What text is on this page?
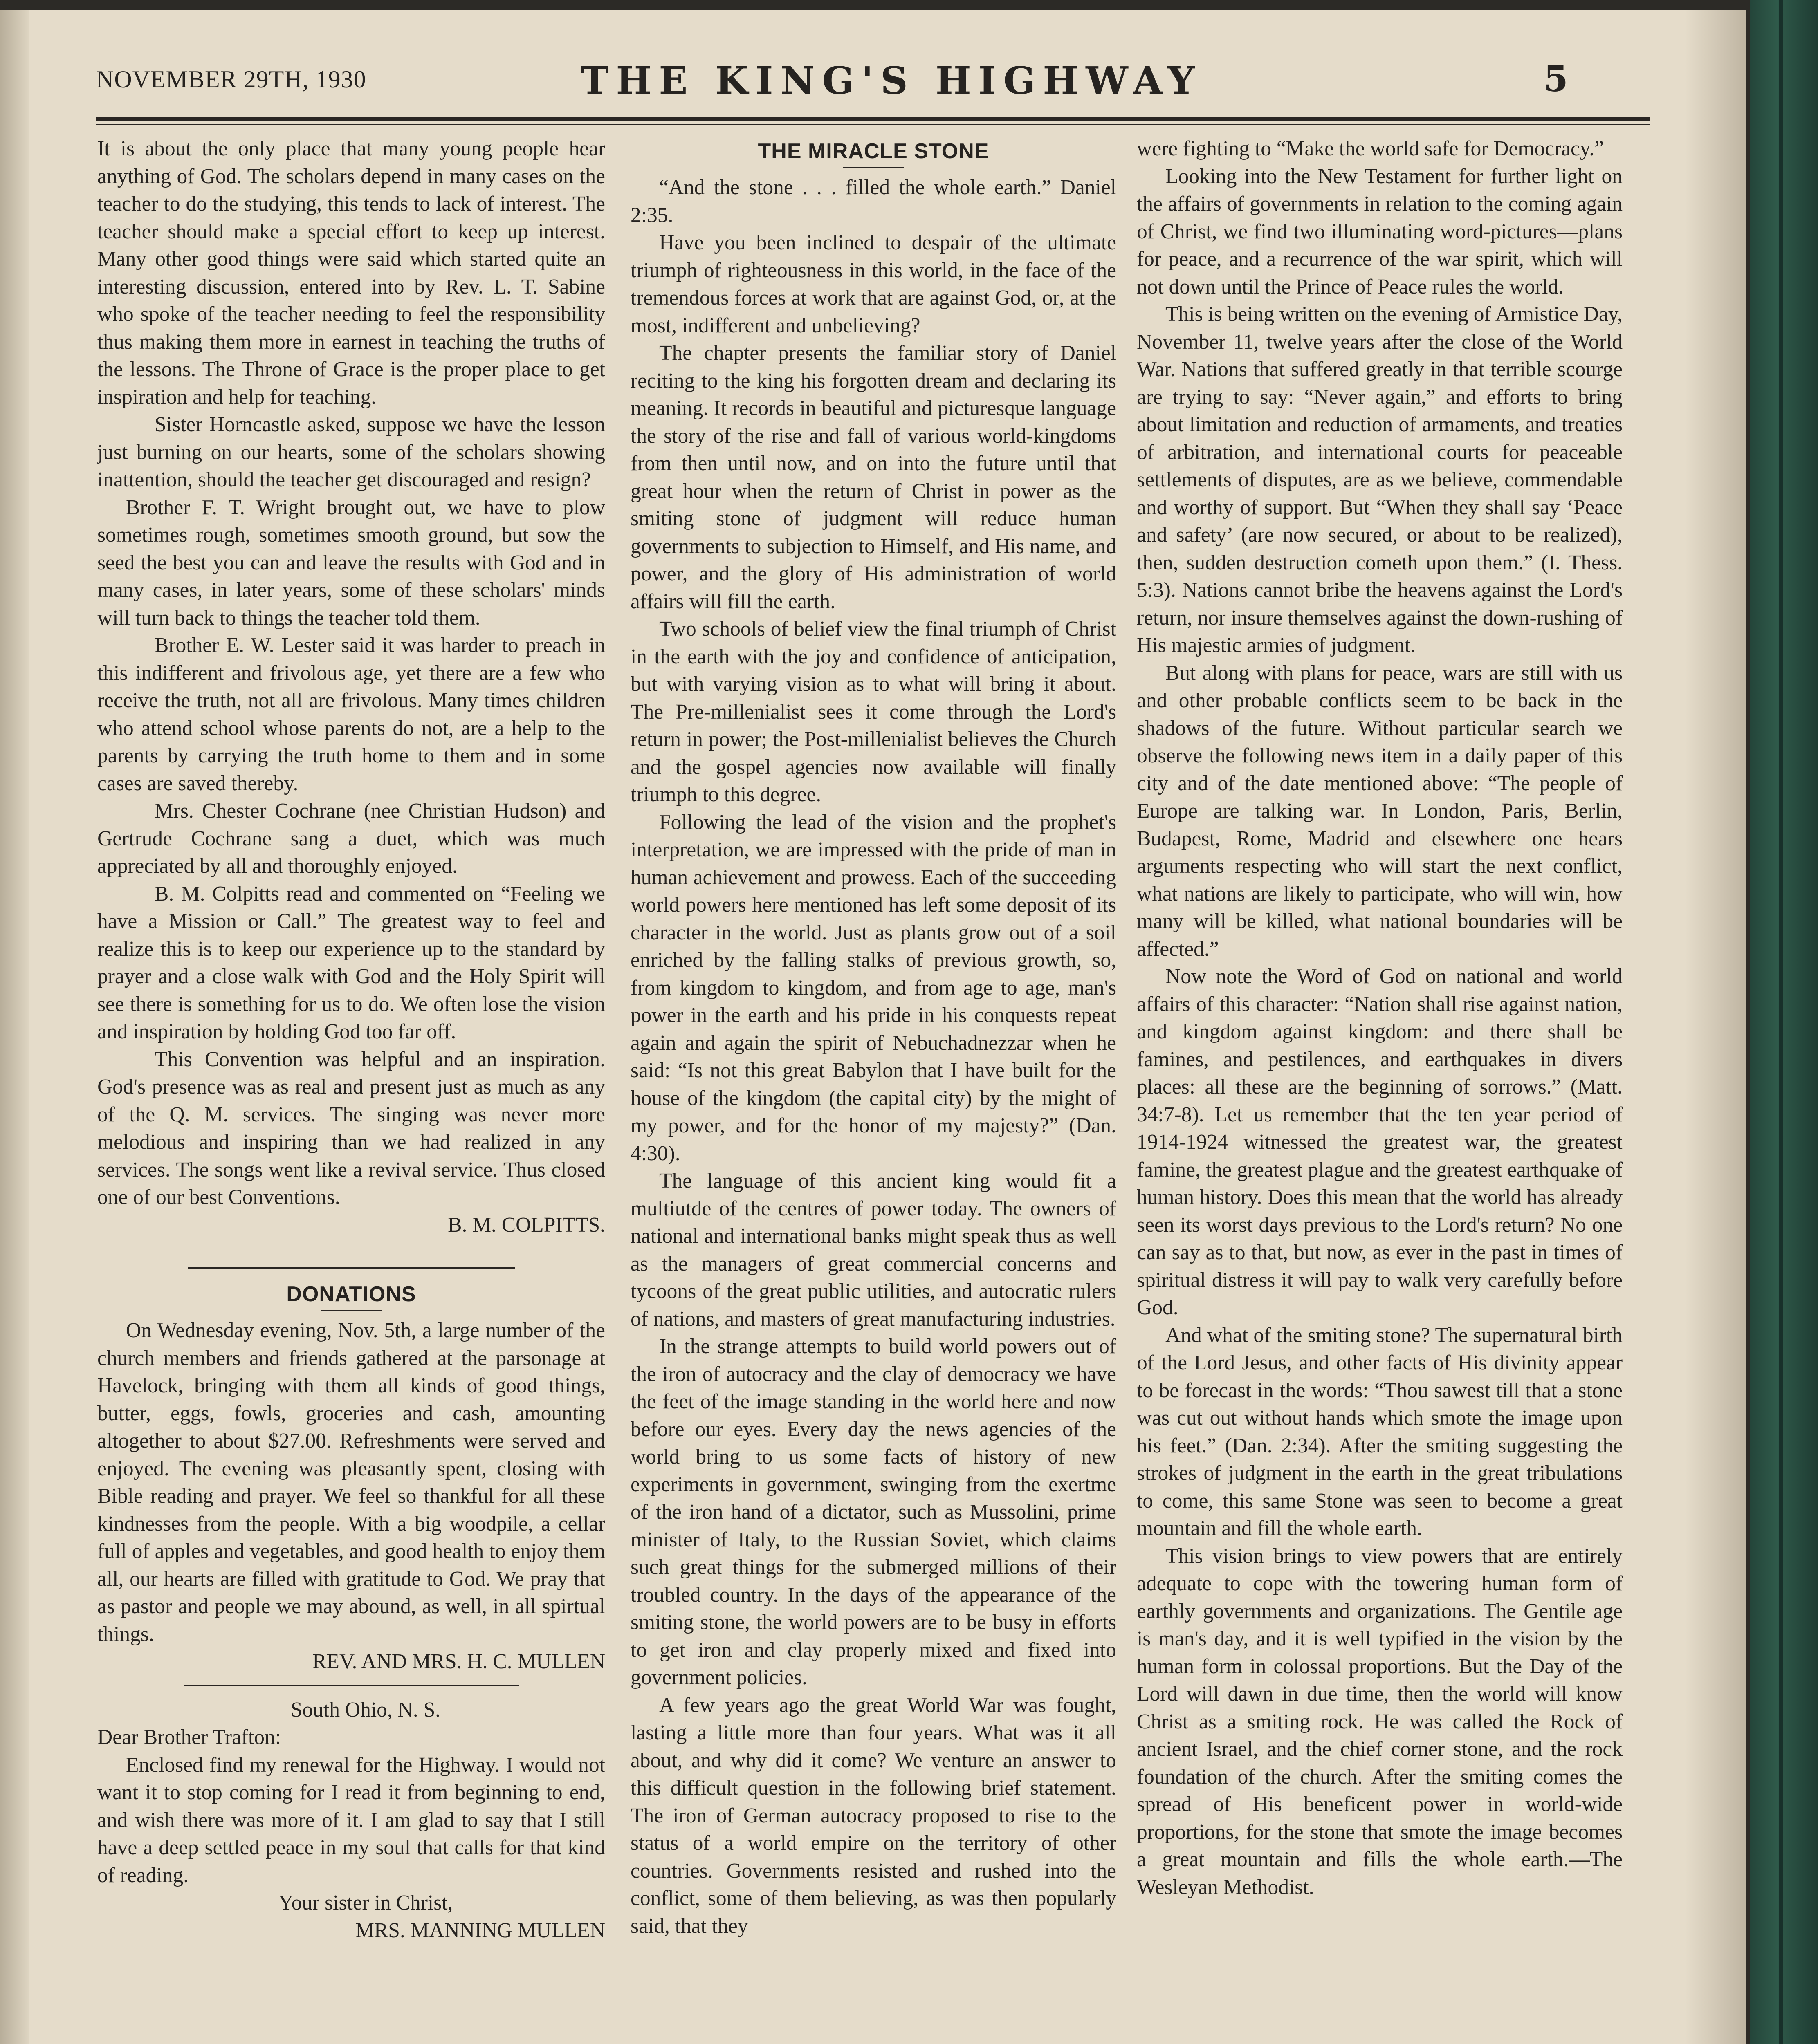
NOVEMBER 29TH, 1930	THE KING'S HIGHWAY	5

It is about the only place that many young people hear anything of God. The scholars depend in many cases on the teacher to do the studying, this tends to lack of interest. The teacher should make a special effort to keep up interest. Many other good things were said which started quite an interesting discussion, entered into by Rev. L. T. Sabine who spoke of the teacher needing to feel the responsibility thus making them more in earnest in teaching the truths of the lessons. The Throne of Grace is the proper place to get inspiration and help for teaching.

Sister Horncastle asked, suppose we have the lesson just burning on our hearts, some of the scholars showing inattention, should the teacher get discouraged and resign?

Brother F. T. Wright brought out, we have to plow sometimes rough, sometimes smooth ground, but sow the seed the best you can and leave the results with God and in many cases, in later years, some of these scholars' minds will turn back to things the teacher told them.

Brother E. W. Lester said it was harder to preach in this indifferent and frivolous age, yet there are a few who receive the truth, not all are frivolous. Many times children who attend school whose parents do not, are a help to the parents by carrying the truth home to them and in some cases are saved thereby.

Mrs. Chester Cochrane (nee Christian Hudson) and Gertrude Cochrane sang a duet, which was much appreciated by all and thoroughly enjoyed.

B. M. Colpitts read and commented on “Feeling we have a Mission or Call.” The greatest way to feel and realize this is to keep our experience up to the standard by prayer and a close walk with God and the Holy Spirit will see there is something for us to do. We often lose the vision and inspiration by holding God too far off.

This Convention was helpful and an inspiration. God's presence was as real and present just as much as any of the Q. M. services. The singing was never more melodious and inspiring than we had realized in any services. The songs went like a revival service. Thus closed one of our best Conventions.

B. M. COLPITTS.

DONATIONS

On Wednesday evening, Nov. 5th, a large number of the church members and friends gathered at the parsonage at Havelock, bringing with them all kinds of good things, butter, eggs, fowls, groceries and cash, amounting altogether to about $27.00. Refreshments were served and enjoyed. The evening was pleasantly spent, closing with Bible reading and prayer. We feel so thankful for all these kindnesses from the people. With a big woodpile, a cellar full of apples and vegetables, and good health to enjoy them all, our hearts are filled with gratitude to God. We pray that as pastor and people we may abound, as well, in all spirtual things.

REV. AND MRS. H. C. MULLEN

South Ohio, N. S.

Dear Brother Trafton:

Enclosed find my renewal for the Highway. I would not want it to stop coming for I read it from beginning to end, and wish there was more of it. I am glad to say that I still have a deep settled peace in my soul that calls for that kind of reading.

Your sister in Christ,

MRS. MANNING MULLEN

THE MIRACLE STONE

“And the stone . . . filled the whole earth.” Daniel 2:35.

Have you been inclined to despair of the ultimate triumph of righteousness in this world, in the face of the tremendous forces at work that are against God, or, at the most, indifferent and unbelieving?

The chapter presents the familiar story of Daniel reciting to the king his forgotten dream and declaring its meaning. It records in beautiful and picturesque language the story of the rise and fall of various world-kingdoms from then until now, and on into the future until that great hour when the return of Christ in power as the smiting stone of judgment will reduce human governments to subjection to Himself, and His name, and power, and the glory of His administration of world affairs will fill the earth.

Two schools of belief view the final triumph of Christ in the earth with the joy and confidence of anticipation, but with varying vision as to what will bring it about. The Pre-millenialist sees it come through the Lord's return in power; the Post-millenialist believes the Church and the gospel agencies now available will finally triumph to this degree.

Following the lead of the vision and the prophet's interpretation, we are impressed with the pride of man in human achievement and prowess. Each of the succeeding world powers here mentioned has left some deposit of its character in the world. Just as plants grow out of a soil enriched by the falling stalks of previous growth, so, from kingdom to kingdom, and from age to age, man's power in the earth and his pride in his conquests repeat again and again the spirit of Nebuchadnezzar when he said: “Is not this great Babylon that I have built for the house of the kingdom (the capital city) by the might of my power, and for the honor of my majesty?” (Dan. 4:30).

The language of this ancient king would fit a multiutde of the centres of power today. The owners of national and international banks might speak thus as well as the managers of great commercial concerns and tycoons of the great public utilities, and autocratic rulers of nations, and masters of great manufacturing industries.

In the strange attempts to build world powers out of the iron of autocracy and the clay of democracy we have the feet of the image standing in the world here and now before our eyes. Every day the news agencies of the world bring to us some facts of history of new experiments in government, swinging from the exertme of the iron hand of a dictator, such as Mussolini, prime minister of Italy, to the Russian Soviet, which claims such great things for the submerged millions of their troubled country. In the days of the appearance of the smiting stone, the world powers are to be busy in efforts to get iron and clay properly mixed and fixed into government policies.

A few years ago the great World War was fought, lasting a little more than four years. What was it all about, and why did it come? We venture an answer to this difficult question in the following brief statement. The iron of German autocracy proposed to rise to the status of a world empire on the territory of other countries. Governments resisted and rushed into the conflict, some of them believing, as was then popularly said, that they

were fighting to “Make the world safe for Democracy.”

Looking into the New Testament for further light on the affairs of governments in relation to the coming again of Christ, we find two illuminating word-pictures—plans for peace, and a recurrence of the war spirit, which will not down until the Prince of Peace rules the world.

This is being written on the evening of Armistice Day, November 11, twelve years after the close of the World War. Nations that suffered greatly in that terrible scourge are trying to say: “Never again,” and efforts to bring about limitation and reduction of armaments, and treaties of arbitration, and international courts for peaceable settlements of disputes, are as we believe, commendable and worthy of support. But “When they shall say ‘Peace and safety’ (are now secured, or about to be realized), then, sudden destruction cometh upon them.” (I. Thess. 5:3). Nations cannot bribe the heavens against the Lord's return, nor insure themselves against the down-rushing of His majestic armies of judgment.

But along with plans for peace, wars are still with us and other probable conflicts seem to be back in the shadows of the future. Without particular search we observe the following news item in a daily paper of this city and of the date mentioned above: “The people of Europe are talking war. In London, Paris, Berlin, Budapest, Rome, Madrid and elsewhere one hears arguments respecting who will start the next conflict, what nations are likely to participate, who will win, how many will be killed, what national boundaries will be affected.”

Now note the Word of God on national and world affairs of this character: “Nation shall rise against nation, and kingdom against kingdom: and there shall be famines, and pestilences, and earthquakes in divers places: all these are the beginning of sorrows.” (Matt. 34:7-8). Let us remember that the ten year period of 1914-1924 witnessed the greatest war, the greatest famine, the greatest plague and the greatest earthquake of human history. Does this mean that the world has already seen its worst days previous to the Lord's return? No one can say as to that, but now, as ever in the past in times of spiritual distress it will pay to walk very carefully before God.

And what of the smiting stone? The supernatural birth of the Lord Jesus, and other facts of His divinity appear to be forecast in the words: “Thou sawest till that a stone was cut out without hands which smote the image upon his feet.” (Dan. 2:34). After the smiting suggesting the strokes of judgment in the earth in the great tribulations to come, this same Stone was seen to become a great mountain and fill the whole earth.

This vision brings to view powers that are entirely adequate to cope with the towering human form of earthly governments and organizations. The Gentile age is man's day, and it is well typified in the vision by the human form in colossal proportions. But the Day of the Lord will dawn in due time, then the world will know Christ as a smiting rock. He was called the Rock of ancient Israel, and the chief corner stone, and the rock foundation of the church. After the smiting comes the spread of His beneficent power in world-wide proportions, for the stone that smote the image becomes a great mountain and fills the whole earth.—The Wesleyan Methodist.
